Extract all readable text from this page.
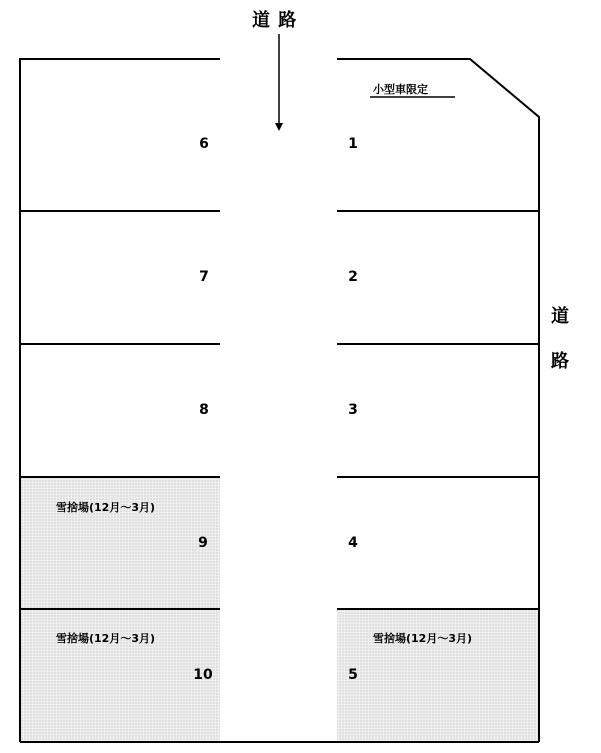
道 路
道
路
小型車限定
6
7
8
9
10
1
2
3
4
5
雪捨場(12月～3月)
雪捨場(12月～3月)	雪捨場(12月～3月)
